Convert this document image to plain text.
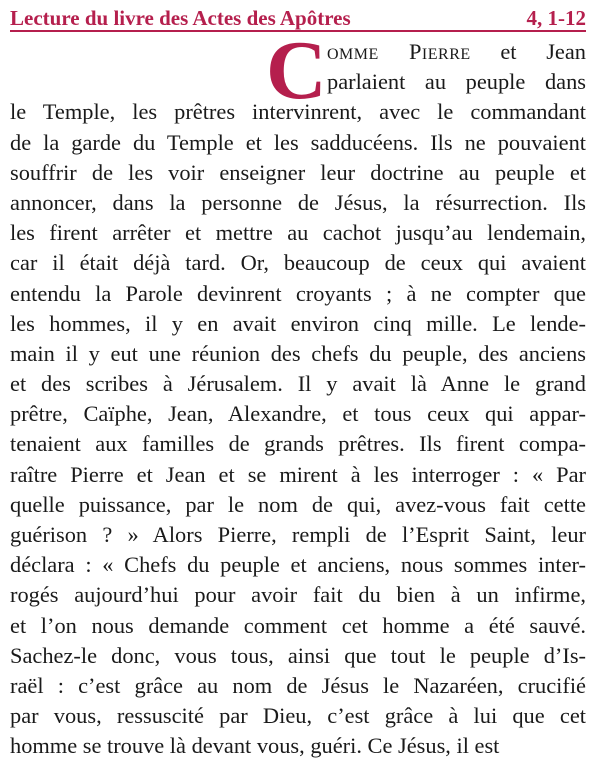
Lecture du livre des Actes des Apôtres	4, 1-12
C omme Pierre et Jean
parlaient au peuple dans
le Temple, les prêtres intervinrent, avec le commandant
de la garde du Temple et les sadducéens. Ils ne pouvaient
souffrir de les voir enseigner leur doctrine au peuple et
annoncer, dans la personne de Jésus, la résurrection. Ils
les firent arrêter et mettre au cachot jusqu’au lendemain,
car il était déjà tard. Or, beaucoup de ceux qui avaient
entendu la Parole devinrent croyants ; à ne compter que
les hommes, il y en avait environ cinq mille. Le lende-
main il y eut une réunion des chefs du peuple, des anciens
et des scribes à Jérusalem. Il y avait là Anne le grand
prêtre, Caïphe, Jean, Alexandre, et tous ceux qui appar-
tenaient aux familles de grands prêtres. Ils firent compa-
raître Pierre et Jean et se mirent à les interroger : « Par
quelle puissance, par le nom de qui, avez-vous fait cette
guérison ? » Alors Pierre, rempli de l’Esprit Saint, leur
déclara : « Chefs du peuple et anciens, nous sommes inter-
rogés aujourd’hui pour avoir fait du bien à un infirme,
et l’on nous demande comment cet homme a été sauvé.
Sachez-le donc, vous tous, ainsi que tout le peuple d’Is-
raël : c’est grâce au nom de Jésus le Nazaréen, crucifié
par vous, ressuscité par Dieu, c’est grâce à lui que cet
homme se trouve là devant vous, guéri. Ce Jésus, il est
